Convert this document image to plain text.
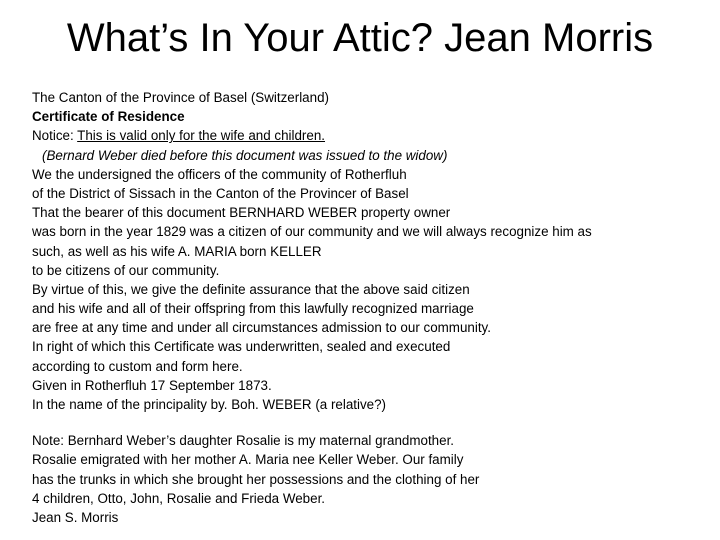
What’s In Your Attic? Jean Morris
The Canton of the Province of Basel (Switzerland)
Certificate of Residence
Notice: This is valid only for the wife and children.
(Bernard Weber died before this document was issued to the widow)
We the undersigned the officers of the community of Rotherfluh
of the District of Sissach in the Canton of the Provincer of Basel
That the bearer of this document BERNHARD WEBER property owner
was born in the year 1829 was a citizen of our community and we will always recognize him as
such, as well as his wife A. MARIA born KELLER
to be citizens of our community.
By virtue of this, we give the definite assurance that the above said citizen
and his wife and all of their offspring from this lawfully recognized marriage
are free at any time and under all circumstances admission to our community.
In right of which this Certificate was underwritten, sealed and executed
according to custom and form here.
Given in Rotherfluh 17 September 1873.
In the name of the principality by. Boh. WEBER (a relative?)
Note: Bernhard Weber’s daughter Rosalie is my maternal grandmother.
Rosalie emigrated with her mother A. Maria nee Keller Weber. Our family
has the trunks in which she brought her possessions and the clothing of her
4 children, Otto, John, Rosalie and Frieda Weber.
Jean S. Morris
